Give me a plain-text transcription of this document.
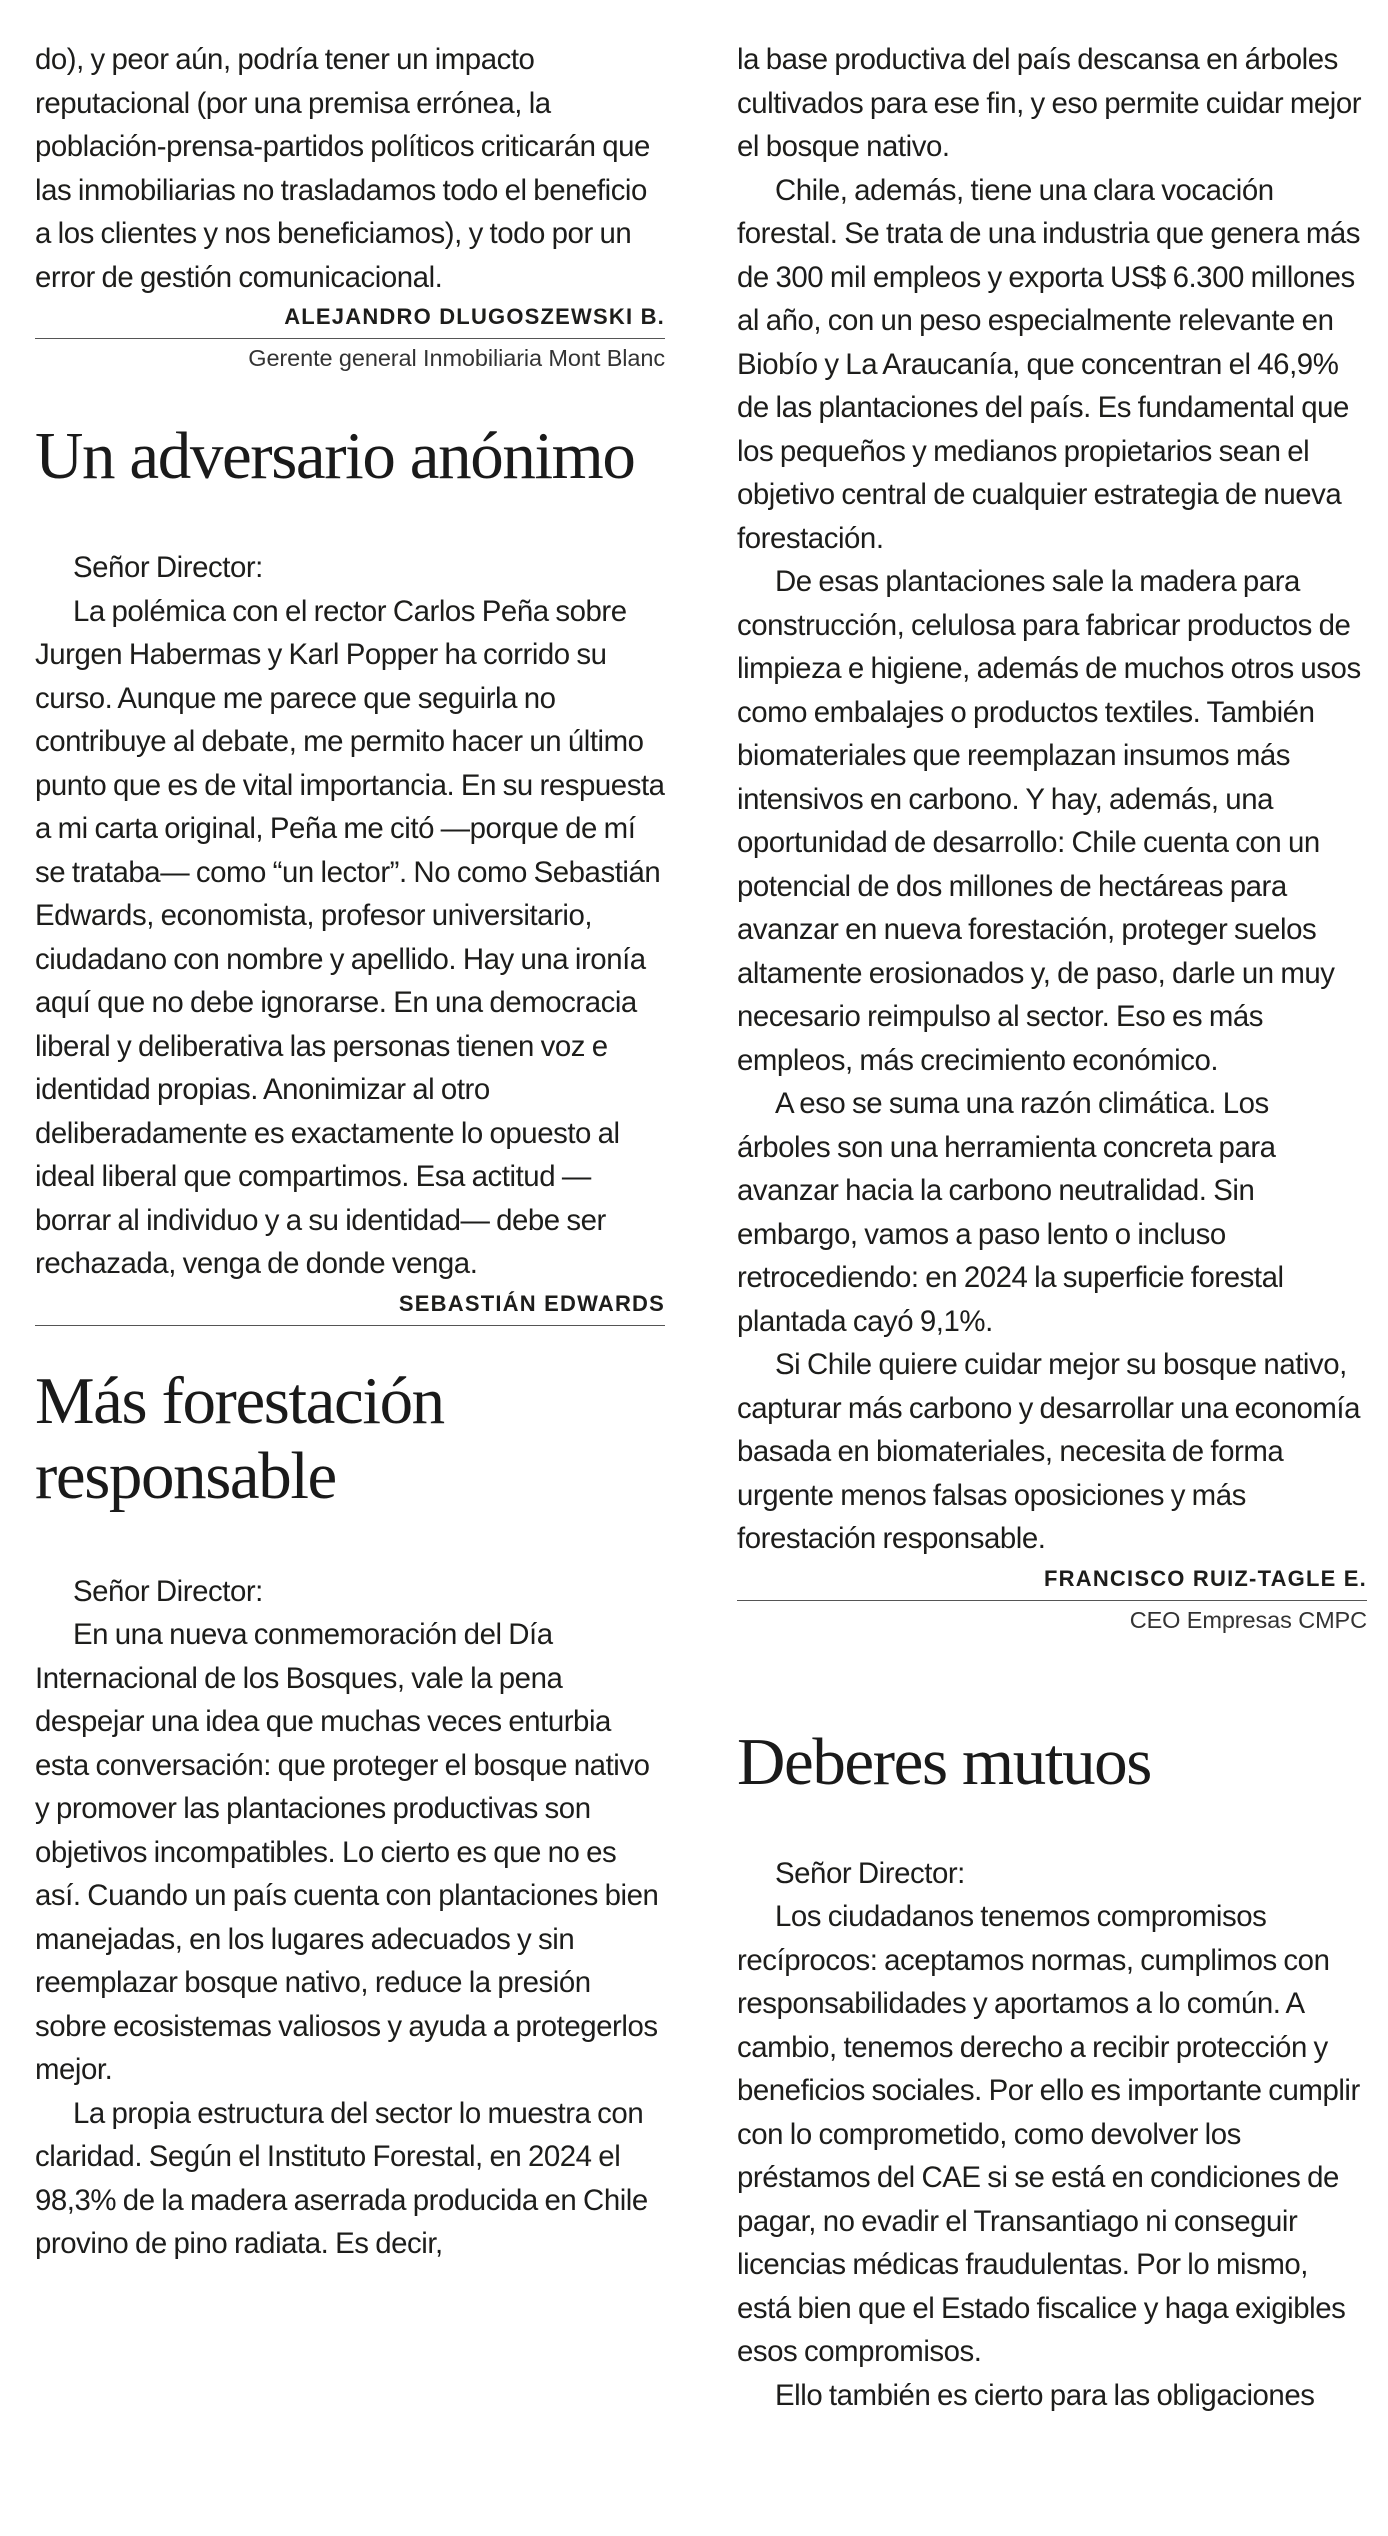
do), y peor aún, podría tener un impacto reputacional (por una premisa errónea, la población-prensa-partidos políticos criticarán que las inmobiliarias no trasladamos todo el beneficio a los clientes y nos beneficiamos), y todo por un error de gestión comunicacional.

ALEJANDRO DLUGOSZEWSKI B.

Gerente general Inmobiliaria Mont Blanc

Un adversario anónimo

Señor Director:

La polémica con el rector Carlos Peña sobre Jurgen Habermas y Karl Popper ha corrido su curso. Aunque me parece que seguirla no contribuye al debate, me permito hacer un último punto que es de vital importancia. En su respuesta a mi carta original, Peña me citó —porque de mí se trataba— como “un lector”. No como Sebastián Edwards, economista, profesor universitario, ciudadano con nombre y apellido. Hay una ironía aquí que no debe ignorarse. En una democracia liberal y deliberativa las personas tienen voz e identidad propias. Anonimizar al otro deliberadamente es exactamente lo opuesto al ideal liberal que compartimos. Esa actitud —borrar al individuo y a su identidad— debe ser rechazada, venga de donde venga.

SEBASTIÁN EDWARDS

Más forestación responsable

Señor Director:

En una nueva conmemoración del Día Internacional de los Bosques, vale la pena despejar una idea que muchas veces enturbia esta conversación: que proteger el bosque nativo y promover las plantaciones productivas son objetivos incompatibles. Lo cierto es que no es así. Cuando un país cuenta con plantaciones bien manejadas, en los lugares adecuados y sin reemplazar bosque nativo, reduce la presión sobre ecosistemas valiosos y ayuda a protegerlos mejor.

La propia estructura del sector lo muestra con claridad. Según el Instituto Forestal, en 2024 el 98,3% de la madera aserrada producida en Chile provino de pino radiata. Es decir,

la base productiva del país descansa en árboles cultivados para ese fin, y eso permite cuidar mejor el bosque nativo.

Chile, además, tiene una clara vocación forestal. Se trata de una industria que genera más de 300 mil empleos y exporta US$ 6.300 millones al año, con un peso especialmente relevante en Biobío y La Araucanía, que concentran el 46,9% de las plantaciones del país. Es fundamental que los pequeños y medianos propietarios sean el objetivo central de cualquier estrategia de nueva forestación.

De esas plantaciones sale la madera para construcción, celulosa para fabricar productos de limpieza e higiene, además de muchos otros usos como embalajes o productos textiles. También biomateriales que reemplazan insumos más intensivos en carbono. Y hay, además, una oportunidad de desarrollo: Chile cuenta con un potencial de dos millones de hectáreas para avanzar en nueva forestación, proteger suelos altamente erosionados y, de paso, darle un muy necesario reimpulso al sector. Eso es más empleos, más crecimiento económico.

A eso se suma una razón climática. Los árboles son una herramienta concreta para avanzar hacia la carbono neutralidad. Sin embargo, vamos a paso lento o incluso retrocediendo: en 2024 la superficie forestal plantada cayó 9,1%.

Si Chile quiere cuidar mejor su bosque nativo, capturar más carbono y desarrollar una economía basada en biomateriales, necesita de forma urgente menos falsas oposiciones y más forestación responsable.

FRANCISCO RUIZ-TAGLE E.

CEO Empresas CMPC

Deberes mutuos

Señor Director:

Los ciudadanos tenemos compromisos recíprocos: aceptamos normas, cumplimos con responsabilidades y aportamos a lo común. A cambio, tenemos derecho a recibir protección y beneficios sociales. Por ello es importante cumplir con lo comprometido, como devolver los préstamos del CAE si se está en condiciones de pagar, no evadir el Transantiago ni conseguir licencias médicas fraudulentas. Por lo mismo, está bien que el Estado fiscalice y haga exigibles esos compromisos.

Ello también es cierto para las obligaciones
